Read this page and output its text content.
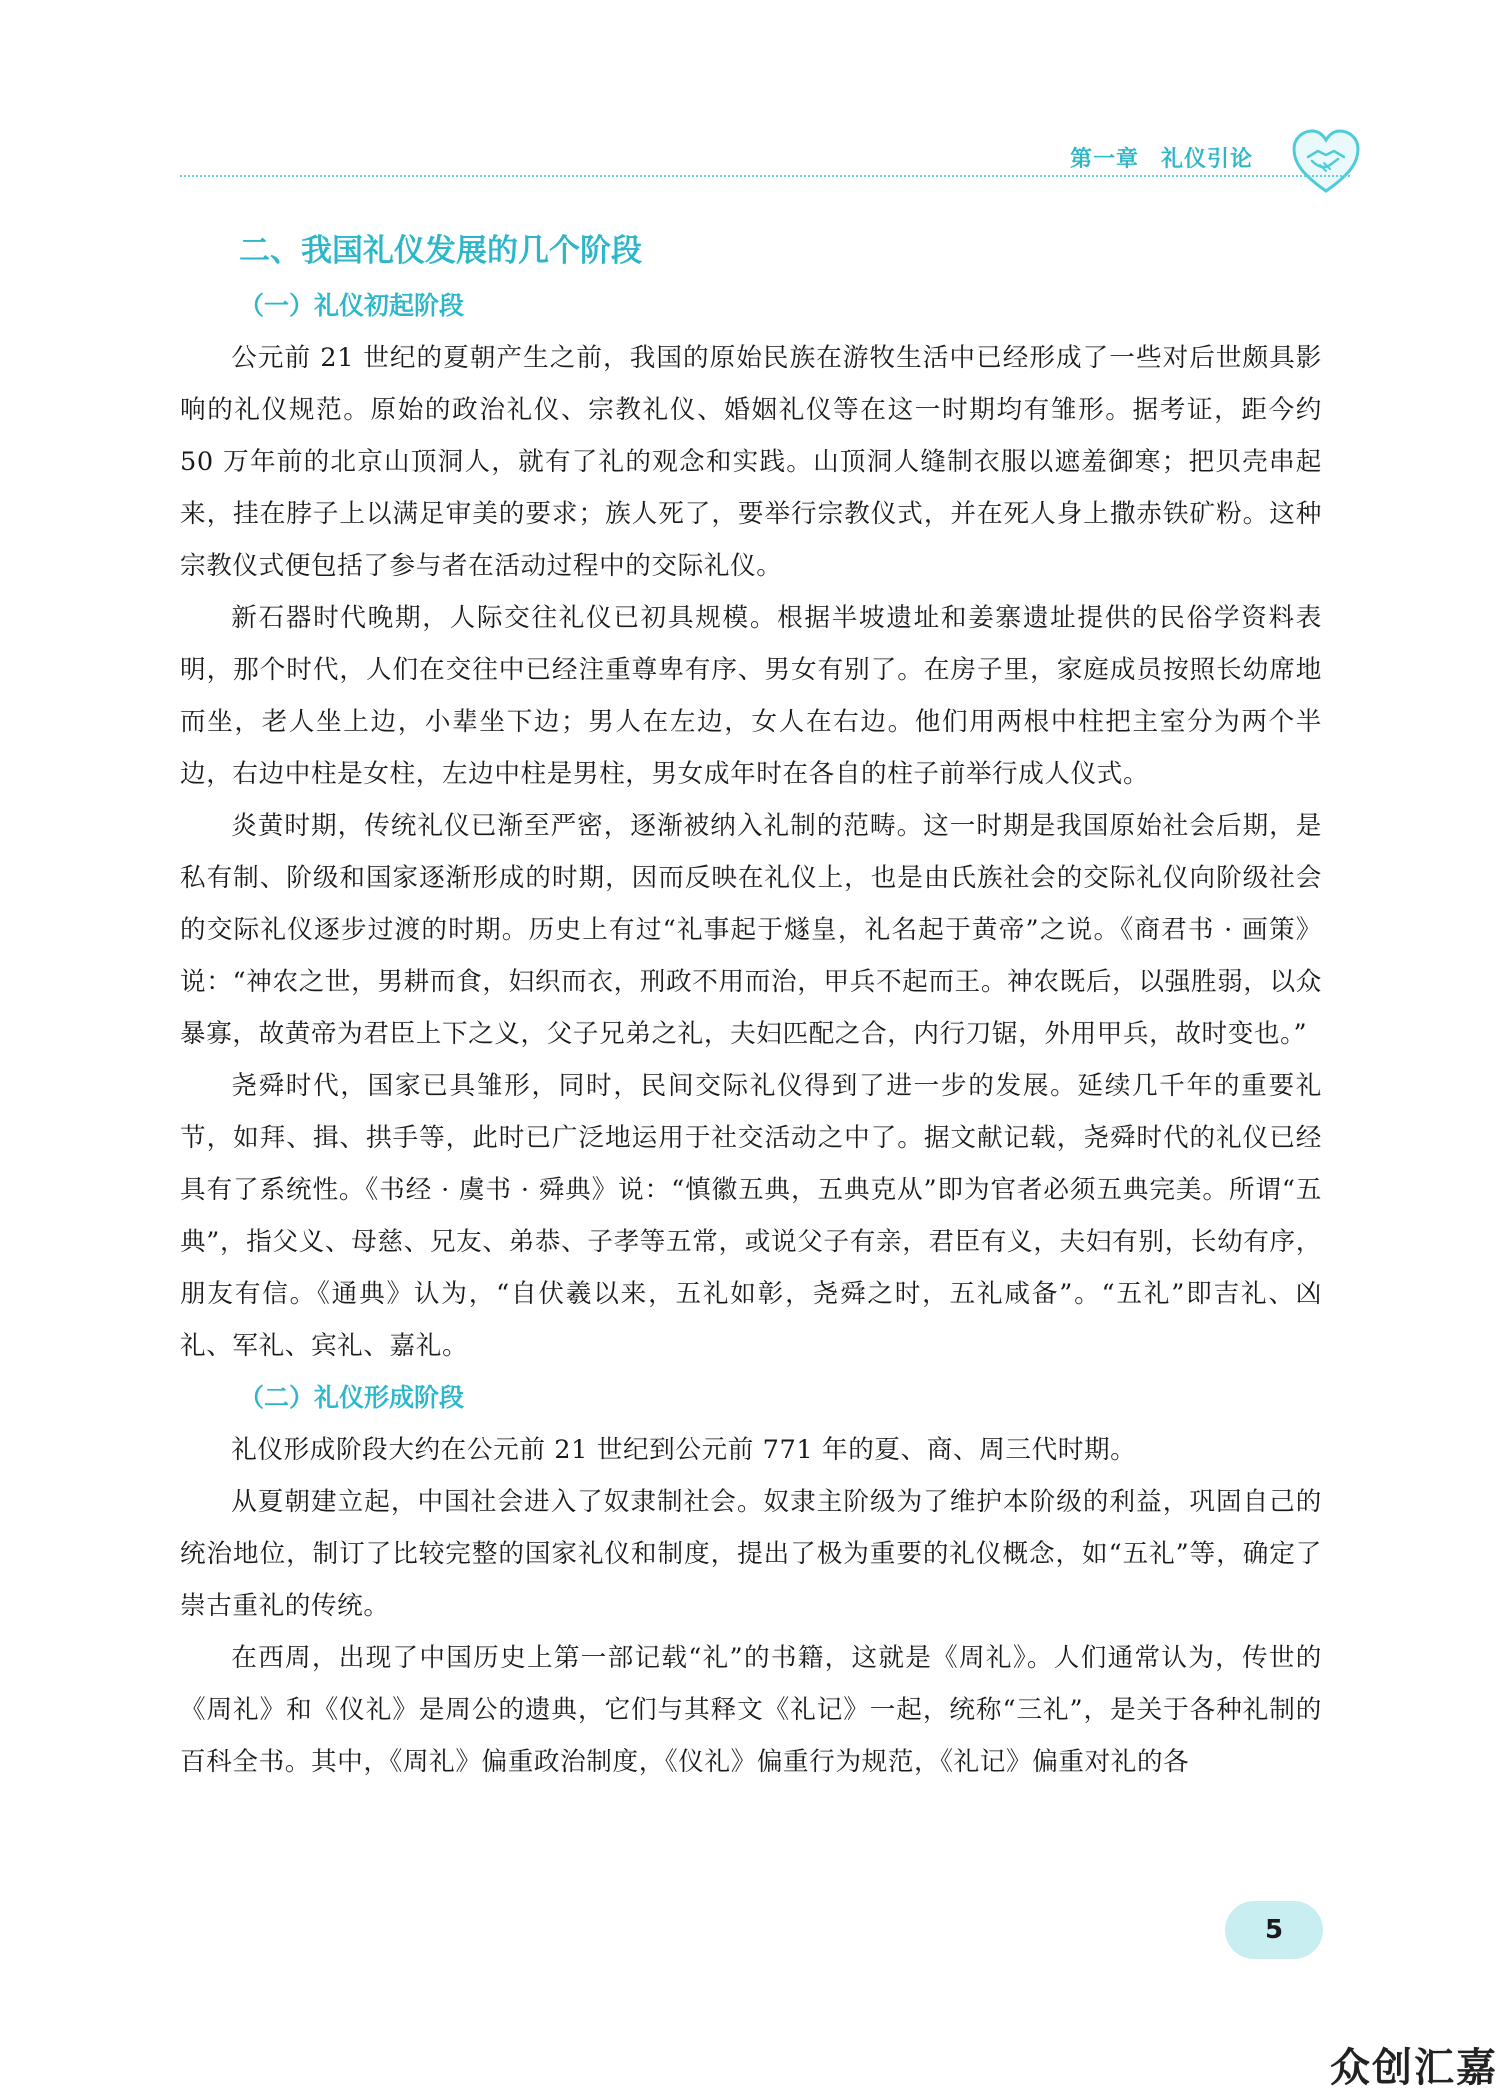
第一章 礼仪引论
二、我国礼仪发展的几个阶段
（一）礼仪初起阶段

公元前 21 世纪的夏朝产生之前，我国的原始民族在游牧生活中已经形成了一些对后世颇具影响的礼仪规范。原始的政治礼仪、宗教礼仪、婚姻礼仪等在这一时期均有雏形。据考证，距今约 50 万年前的北京山顶洞人，就有了礼的观念和实践。山顶洞人缝制衣服以遮羞御寒；把贝壳串起来，挂在脖子上以满足审美的要求；族人死了，要举行宗教仪式，并在死人身上撒赤铁矿粉。这种宗教仪式便包括了参与者在活动过程中的交际礼仪。

新石器时代晚期，人际交往礼仪已初具规模。根据半坡遗址和姜寨遗址提供的民俗学资料表明，那个时代，人们在交往中已经注重尊卑有序、男女有别了。在房子里，家庭成员按照长幼席地而坐，老人坐上边，小辈坐下边；男人在左边，女人在右边。他们用两根中柱把主室分为两个半边，右边中柱是女柱，左边中柱是男柱，男女成年时在各自的柱子前举行成人仪式。

炎黄时期，传统礼仪已渐至严密，逐渐被纳入礼制的范畴。这一时期是我国原始社会后期，是私有制、阶级和国家逐渐形成的时期，因而反映在礼仪上，也是由氏族社会的交际礼仪向阶级社会的交际礼仪逐步过渡的时期。历史上有过“礼事起于燧皇，礼名起于黄帝”之说。《商君书 · 画策》说：“神农之世，男耕而食，妇织而衣，刑政不用而治，甲兵不起而王。神农既后，以强胜弱，以众暴寡，故黄帝为君臣上下之义，父子兄弟之礼，夫妇匹配之合，内行刀锯，外用甲兵，故时变也。”

尧舜时代，国家已具雏形，同时，民间交际礼仪得到了进一步的发展。延续几千年的重要礼节，如拜、揖、拱手等，此时已广泛地运用于社交活动之中了。据文献记载，尧舜时代的礼仪已经具有了系统性。《书经 · 虞书 · 舜典》说：“慎徽五典，五典克从”即为官者必须五典完美。所谓“五典”，指父义、母慈、兄友、弟恭、子孝等五常，或说父子有亲，君臣有义，夫妇有别，长幼有序，朋友有信。《通典》认为，“自伏羲以来，五礼如彰，尧舜之时，五礼咸备”。“五礼”即吉礼、凶礼、军礼、宾礼、嘉礼。

（二）礼仪形成阶段

礼仪形成阶段大约在公元前 21 世纪到公元前 771 年的夏、商、周三代时期。

从夏朝建立起，中国社会进入了奴隶制社会。奴隶主阶级为了维护本阶级的利益，巩固自己的统治地位，制订了比较完整的国家礼仪和制度，提出了极为重要的礼仪概念，如“五礼”等，确定了崇古重礼的传统。

在西周，出现了中国历史上第一部记载“礼”的书籍，这就是《周礼》。人们通常认为，传世的《周礼》和《仪礼》是周公的遗典，它们与其释文《礼记》一起，统称“三礼”，是关于各种礼制的百科全书。其中，《周礼》偏重政治制度，《仪礼》偏重行为规范，《礼记》偏重对礼的各

5
众创汇嘉
